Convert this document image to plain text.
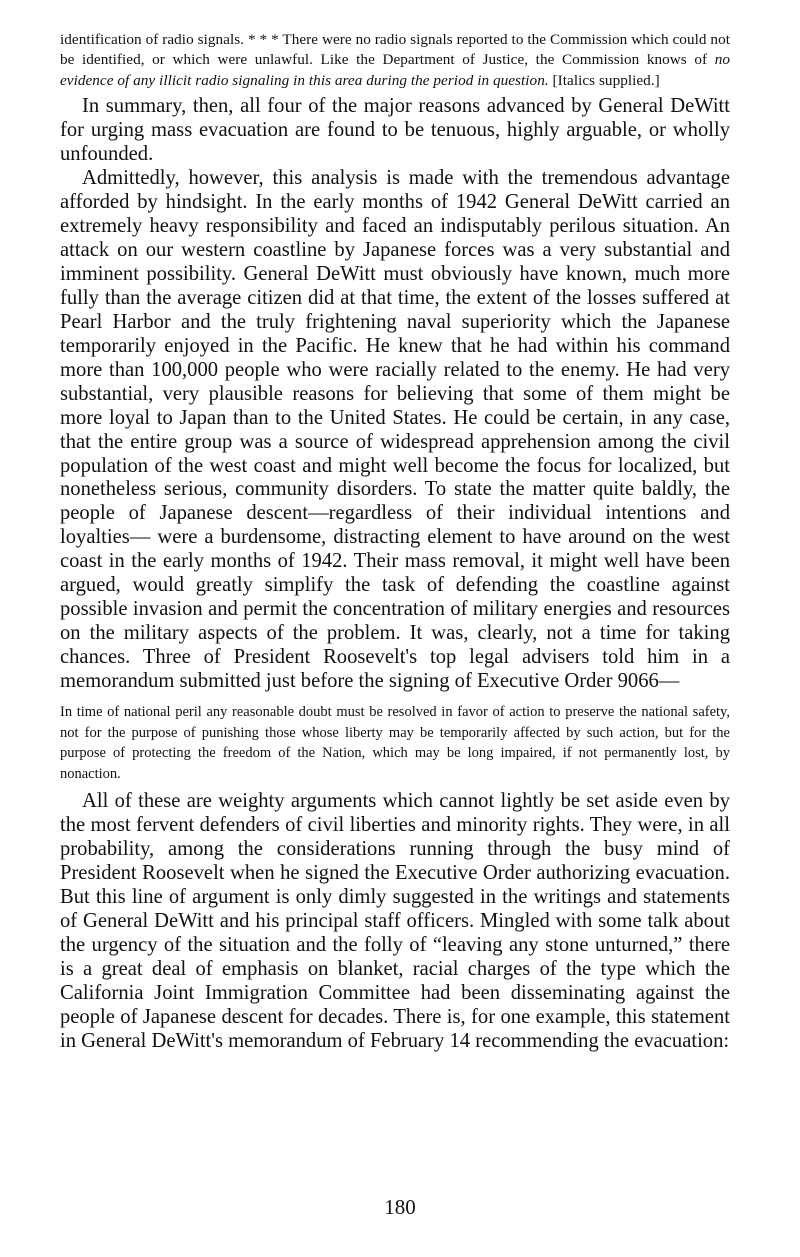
identification of radio signals. * * * There were no radio signals reported to the Commission which could not be identified, or which were unlawful. Like the Department of Justice, the Commission knows of no evidence of any illicit radio signaling in this area during the period in question. [Italics supplied.]

In summary, then, all four of the major reasons advanced by General DeWitt for urging mass evacuation are found to be tenuous, highly arguable, or wholly unfounded.

Admittedly, however, this analysis is made with the tremendous advantage afforded by hindsight. In the early months of 1942 General DeWitt carried an extremely heavy responsibility and faced an indisputably perilous situation. An attack on our western coastline by Japanese forces was a very substantial and imminent possibility. General DeWitt must obviously have known, much more fully than the average citizen did at that time, the extent of the losses suffered at Pearl Harbor and the truly frightening naval superiority which the Japanese temporarily enjoyed in the Pacific. He knew that he had within his command more than 100,000 people who were racially related to the enemy. He had very substantial, very plausible reasons for believing that some of them might be more loyal to Japan than to the United States. He could be certain, in any case, that the entire group was a source of widespread apprehension among the civil population of the west coast and might well become the focus for localized, but nonetheless serious, community disorders. To state the matter quite baldly, the people of Japanese descent—regardless of their individual intentions and loyalties— were a burdensome, distracting element to have around on the west coast in the early months of 1942. Their mass removal, it might well have been argued, would greatly simplify the task of defending the coastline against possible invasion and permit the concentration of military energies and resources on the military aspects of the problem. It was, clearly, not a time for taking chances. Three of President Roosevelt's top legal advisers told him in a memorandum submitted just before the signing of Executive Order 9066—

In time of national peril any reasonable doubt must be resolved in favor of action to preserve the national safety, not for the purpose of punishing those whose liberty may be temporarily affected by such action, but for the purpose of protecting the freedom of the Nation, which may be long impaired, if not permanently lost, by nonaction.

All of these are weighty arguments which cannot lightly be set aside even by the most fervent defenders of civil liberties and minority rights. They were, in all probability, among the considerations running through the busy mind of President Roosevelt when he signed the Executive Order authorizing evacuation. But this line of argument is only dimly suggested in the writings and statements of General DeWitt and his principal staff officers. Mingled with some talk about the urgency of the situation and the folly of “leaving any stone unturned,” there is a great deal of emphasis on blanket, racial charges of the type which the California Joint Immigration Committee had been disseminating against the people of Japanese descent for decades. There is, for one example, this statement in General DeWitt's memorandum of February 14 recommending the evacuation:

180
